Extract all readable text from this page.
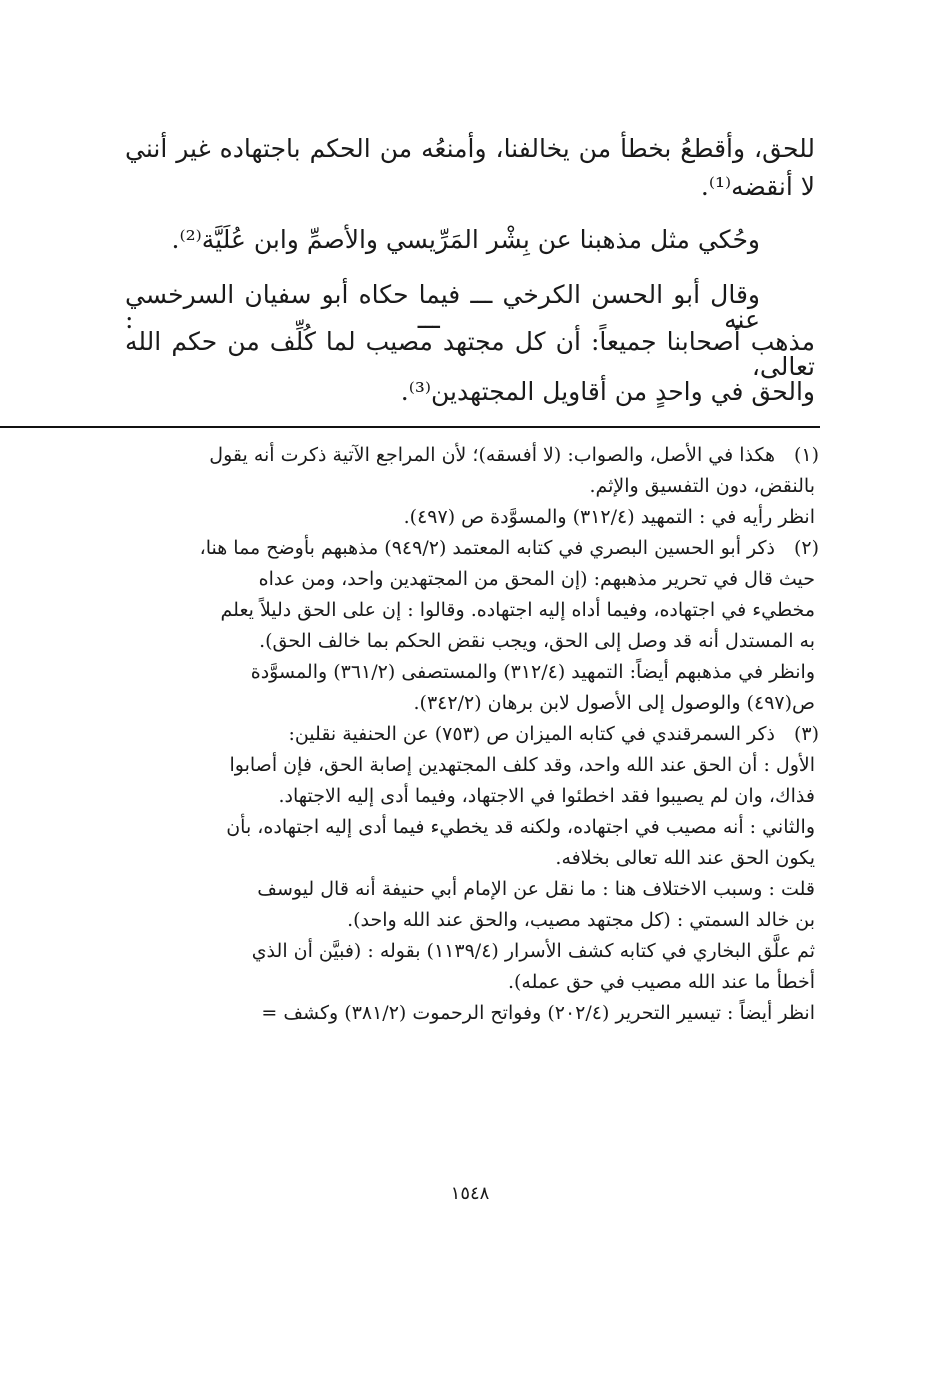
للحق، وأقطعُ بخطأ من يخالفنا، وأمنعُه من الحكم باجتهاده غير أنني

لا أنقضه⁽¹⁾.

وحُكي مثل مذهبنا عن بِشْر المَرِّيسي والأصمِّ وابن عُلَيَّة⁽²⁾.

وقال أبو الحسن الكرخي ـــ فيما حكاه أبو سفيان السرخسي عنه ـــ :

مذهب أصحابنا جميعاً: أن كل مجتهد مصيب لما كُلِّف من حكم الله تعالى،

والحق في واحدٍ من أقاويل المجتهدين⁽³⁾.

(١)
هكذا في الأصل، والصواب: (لا أفسقه)؛ لأن المراجع الآتية ذكرت أنه يقول
بالنقض، دون التفسيق والإثم.
انظر رأيه في : التمهيد (٣١٢/٤) والمسوَّدة ص (٤٩٧).
(٢)
ذكر أبو الحسين البصري في كتابه المعتمد (٩٤٩/٢) مذهبهم بأوضح مما هنا،
حيث قال في تحرير مذهبهم: (إن المحق من المجتهدين واحد، ومن عداه
مخطيء في اجتهاده، وفيما أداه إليه اجتهاده. وقالوا : إن على الحق دليلاً يعلم
به المستدل أنه قد وصل إلى الحق، ويجب نقض الحكم بما خالف الحق).
وانظر في مذهبهم أيضاً: التمهيد (٣١٢/٤) والمستصفى (٣٦١/٢) والمسوَّدة
ص(٤٩٧) والوصول إلى الأصول لابن برهان (٣٤٢/٢).
(٣)
ذكر السمرقندي في كتابه الميزان ص (٧٥٣) عن الحنفية نقلين:
الأول : أن الحق عند الله واحد، وقد كلف المجتهدين إصابة الحق، فإن أصابوا
فذاك، وان لم يصيبوا فقد اخطئوا في الاجتهاد، وفيما أدى إليه الاجتهاد.
والثاني : أنه مصيب في اجتهاده، ولكنه قد يخطيء فيما أدى إليه اجتهاده، بأن
يكون الحق عند الله تعالى بخلافه.
قلت : وسبب الاختلاف هنا : ما نقل عن الإمام أبي حنيفة أنه قال ليوسف
بن خالد السمتي : (كل مجتهد مصيب، والحق عند الله واحد).
ثم علَّق البخاري في كتابه كشف الأسرار (١١٣٩/٤) بقوله : (فبيَّن أن الذي
أخطأ ما عند الله مصيب في حق عمله).
انظر أيضاً : تيسير التحرير (٢٠٢/٤) وفواتح الرحموت (٣٨١/٢) وكشف =
١٥٤٨
